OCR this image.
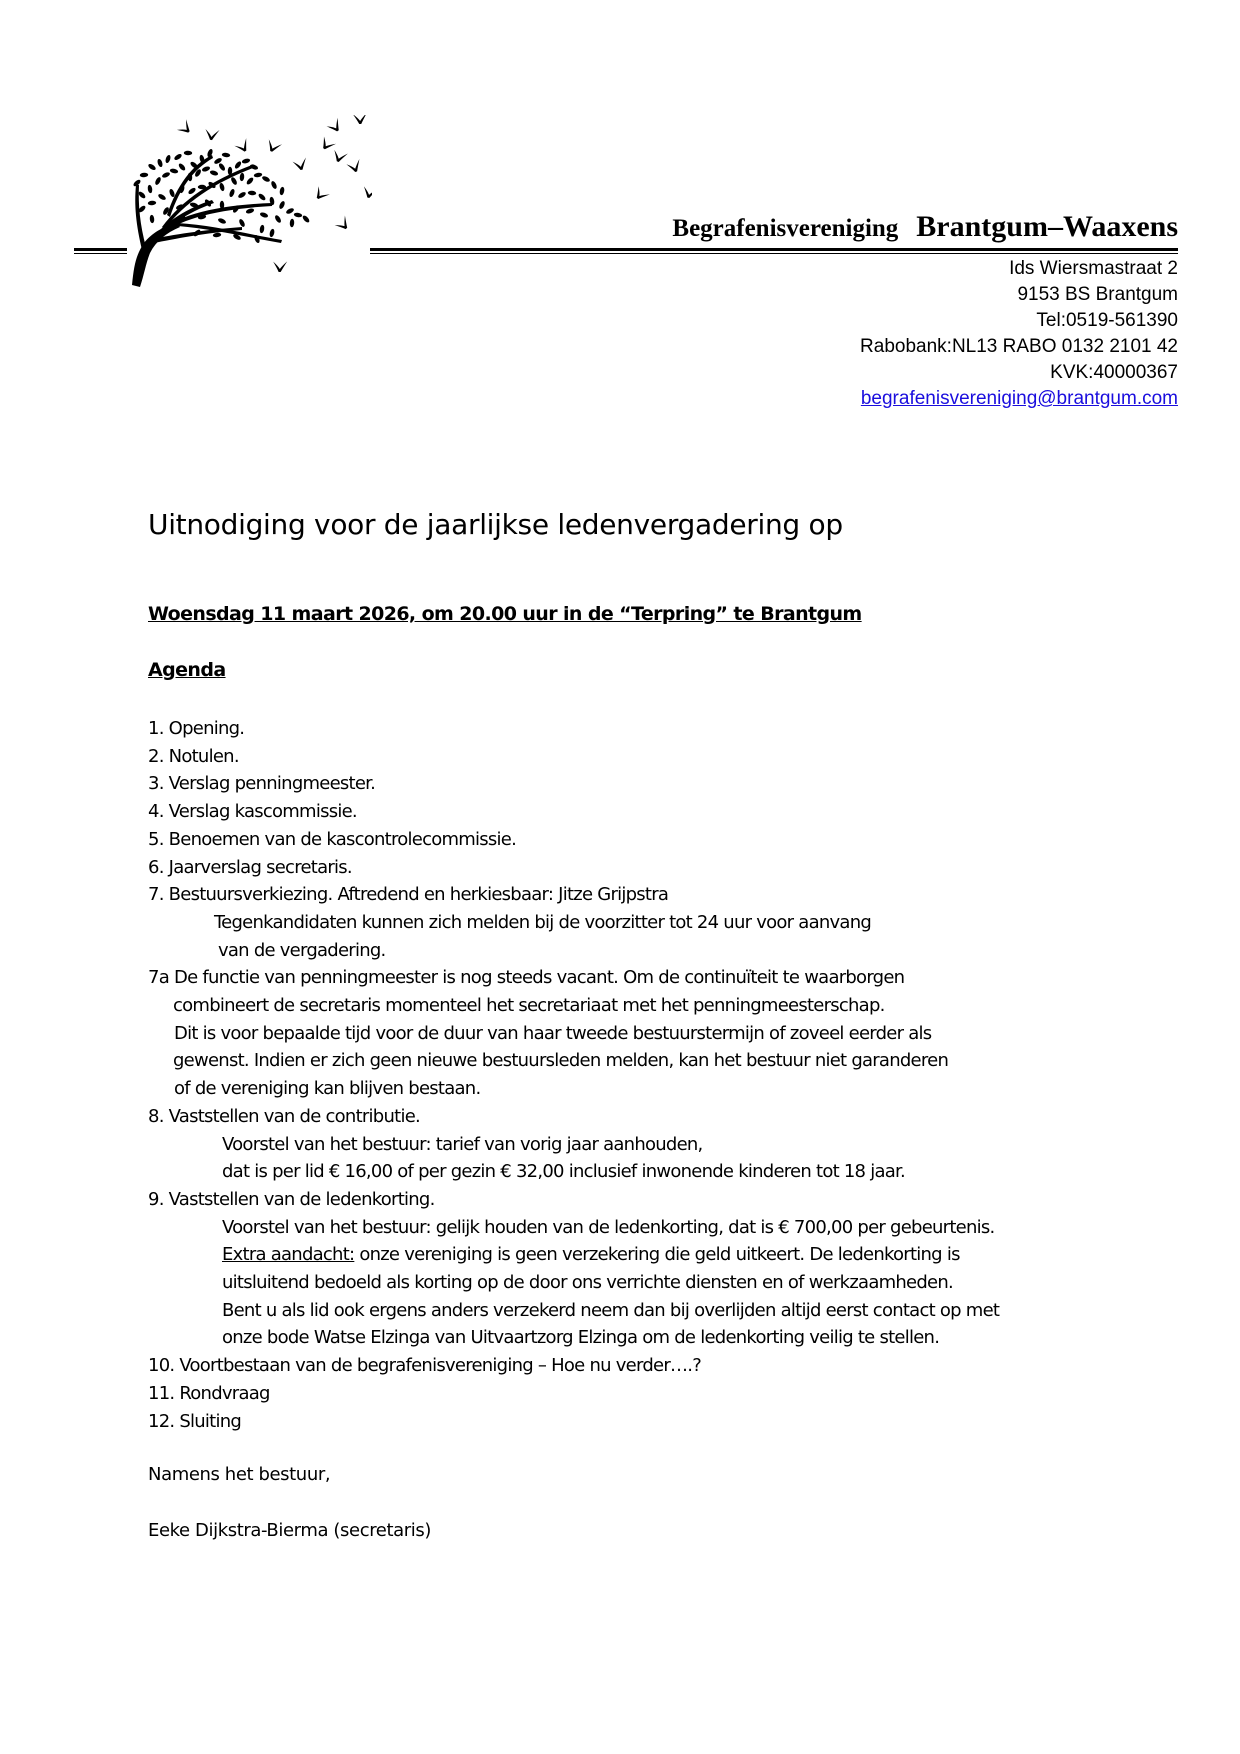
Begrafenisvereniging Brantgum–Waaxens
Ids Wiersmastraat 2
9153 BS Brantgum
Tel:0519-561390
Rabobank:NL13 RABO 0132 2101 42
KVK:40000367
begrafenisvereniging@brantgum.com
Uitnodiging voor de jaarlijkse ledenvergadering op
Woensdag 11 maart 2026, om 20.00 uur in de “Terpring” te Brantgum
Agenda
1. Opening.
2. Notulen.
3. Verslag penningmeester.
4. Verslag kascommissie.
5. Benoemen van de kascontrolecommissie.
6. Jaarverslag secretaris.
7. Bestuursverkiezing. Aftredend en herkiesbaar: Jitze Grijpstra
Tegenkandidaten kunnen zich melden bij de voorzitter tot 24 uur voor aanvang
van de vergadering.
7a De functie van penningmeester is nog steeds vacant. Om de continuïteit te waarborgen
combineert de secretaris momenteel het secretariaat met het penningmeesterschap.
Dit is voor bepaalde tijd voor de duur van haar tweede bestuurstermijn of zoveel eerder als
gewenst. Indien er zich geen nieuwe bestuursleden melden, kan het bestuur niet garanderen
of de vereniging kan blijven bestaan.
8. Vaststellen van de contributie.
Voorstel van het bestuur: tarief van vorig jaar aanhouden,
dat is per lid € 16,00 of per gezin € 32,00 inclusief inwonende kinderen tot 18 jaar.
9. Vaststellen van de ledenkorting.
Voorstel van het bestuur: gelijk houden van de ledenkorting, dat is € 700,00 per gebeurtenis.
Extra aandacht: onze vereniging is geen verzekering die geld uitkeert. De ledenkorting is
uitsluitend bedoeld als korting op de door ons verrichte diensten en of werkzaamheden.
Bent u als lid ook ergens anders verzekerd neem dan bij overlijden altijd eerst contact op met
onze bode Watse Elzinga van Uitvaartzorg Elzinga om de ledenkorting veilig te stellen.
10. Voortbestaan van de begrafenisvereniging – Hoe nu verder….?
11. Rondvraag
12. Sluiting
Namens het bestuur,
Eeke Dijkstra-Bierma (secretaris)
